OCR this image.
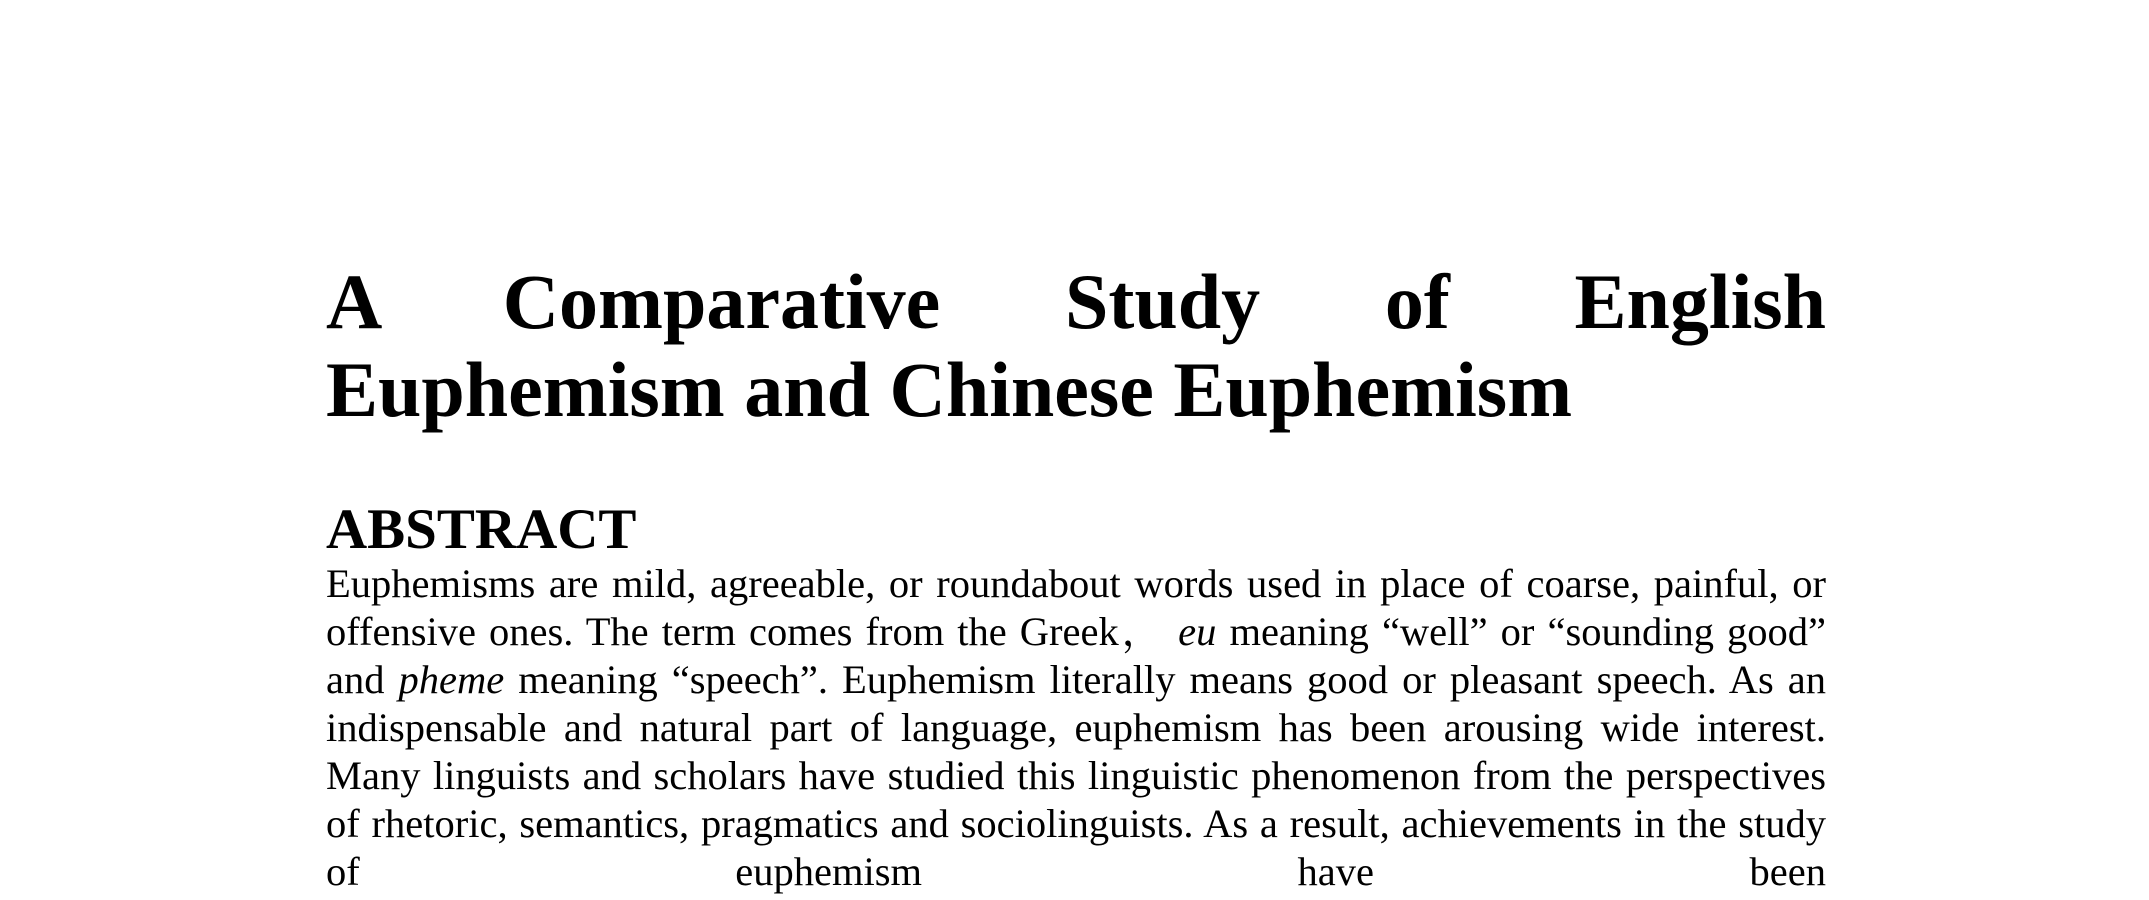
A Comparative Study of English
Euphemism and Chinese Euphemism
ABSTRACT

Euphemisms are mild, agreeable, or roundabout words used in place of coarse, painful, or offensive ones. The term comes from the Greek， eu meaning “well” or “sounding good” and pheme meaning “speech”. Euphemism literally means good or pleasant speech. As an indispensable and natural part of language, euphemism has been arousing wide interest. Many linguists and scholars have studied this linguistic phenomenon from the perspectives of rhetoric, semantics, pragmatics and sociolinguists. As a result, achievements in the study of euphemism have been
